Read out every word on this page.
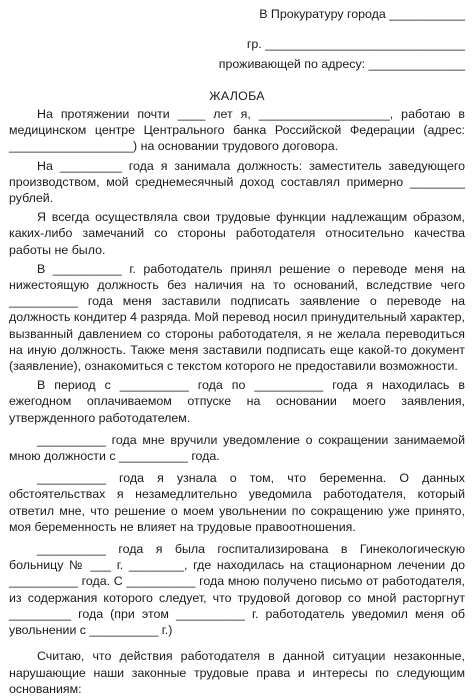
В Прокуратуру города ___________
гр. _____________________________
проживающей по адресу: ______________
ЖАЛОБА

На протяжении почти ____ лет я, ___________________, работаю в медицинском центре Центрального банка Российской Федерации (адрес: __________________) на основании трудового договора.

На _________ года я занимала должность: заместитель заведующего производством, мой среднемесячный доход составлял примерно ________ рублей.

Я всегда осуществляла свои трудовые функции надлежащим образом, каких-либо замечаний со стороны работодателя относительно качества работы не было.

В __________ г. работодатель принял решение о переводе меня на нижестоящую должность без наличия на то оснований, вследствие чего __________ года меня заставили подписать заявление о переводе на должность кондитер 4 разряда. Мой перевод носил принудительный характер, вызванный давлением со стороны работодателя, я не желала переводиться на иную должность. Также меня заставили подписать еще какой-то документ (заявление), ознакомиться с текстом которого не предоставили возможности.

В период с __________ года по __________ года я находилась в ежегодном оплачиваемом отпуске на основании моего заявления, утвержденного работодателем.

__________ года мне вручили уведомление о сокращении занимаемой мною должности с __________ года.

__________ года я узнала о том, что беременна. О данных обстоятельствах я незамедлительно уведомила работодателя, который ответил мне, что решение о моем увольнении по сокращению уже принято, моя беременность не влияет на трудовые правоотношения.

__________ года я была госпитализирована в Гинекологическую больницу № ___ г. ________, где находилась на стационарном лечении до __________ года. С __________ года мною получено письмо от работодателя, из содержания которого следует, что трудовой договор со мной расторгнут _________ года (при этом __________ г. работодатель уведомил меня об увольнении с __________ г.)

Считаю, что действия работодателя в данной ситуации незаконные, нарушающие наши законные трудовые права и интересы по следующим основаниям:
